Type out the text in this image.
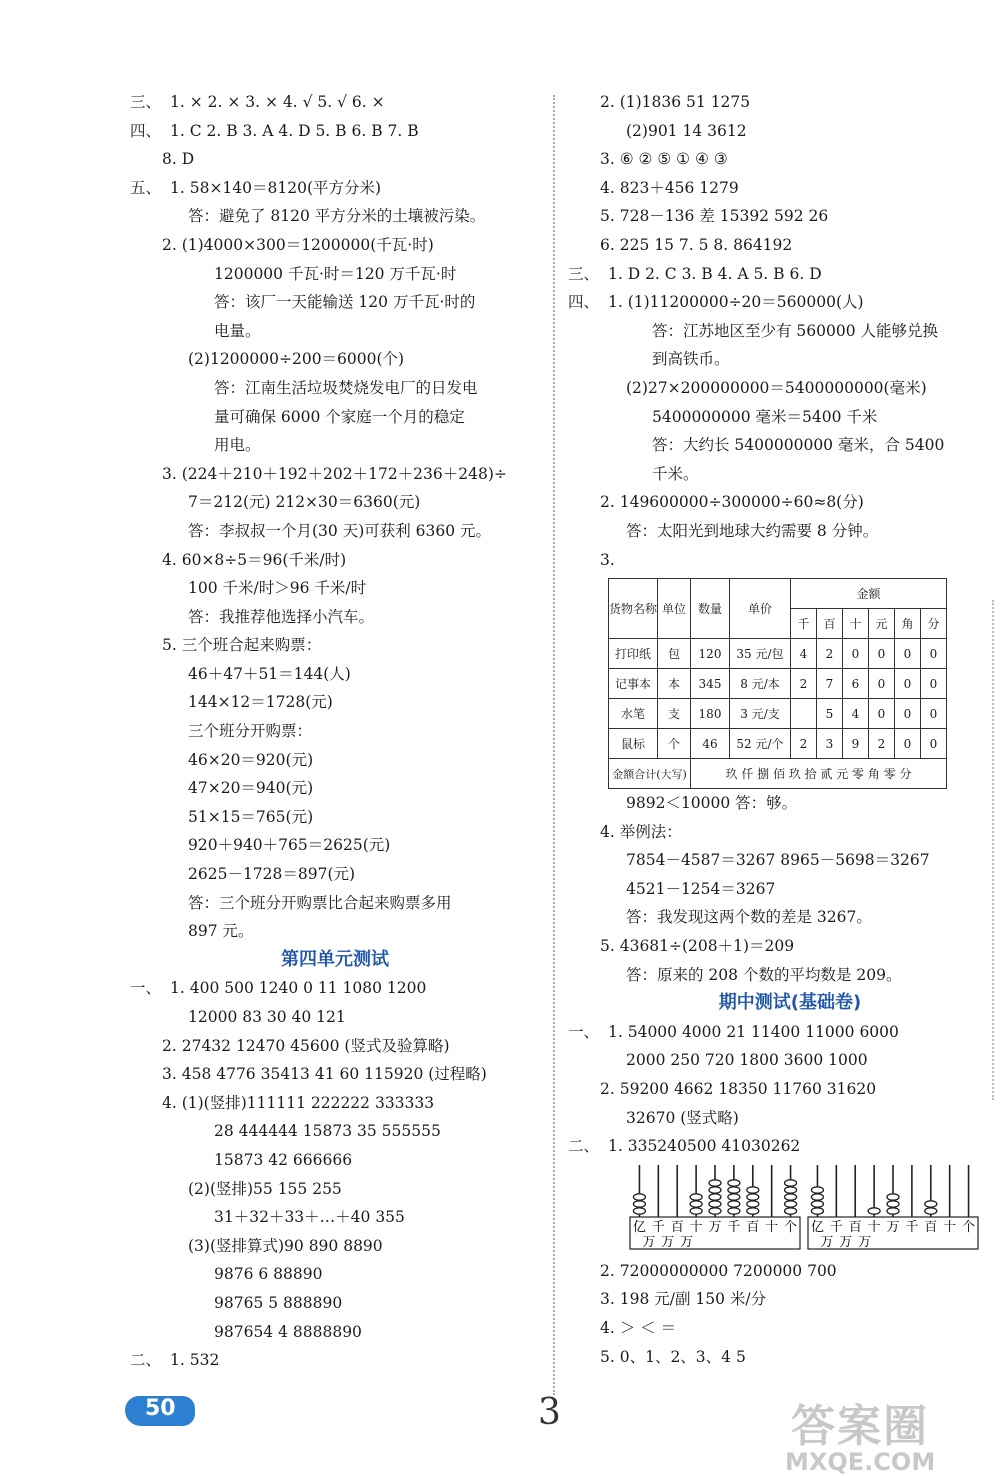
三、 1. × 2. × 3. × 4. √ 5. √ 6. ×
四、 1. C 2. B 3. A 4. D 5. B 6. B 7. B
8. D
五、 1. 58×140＝8120(平方分米)
答：避免了 8120 平方分米的土壤被污染。
2. (1)4000×300＝1200000(千瓦·时)
1200000 千瓦·时＝120 万千瓦·时
答：该厂一天能输送 120 万千瓦·时的
电量。
(2)1200000÷200＝6000(个)
答：江南生活垃圾焚烧发电厂的日发电
量可确保 6000 个家庭一个月的稳定
用电。
3. (224＋210＋192＋202＋172＋236＋248)÷
7＝212(元) 212×30＝6360(元)
答：李叔叔一个月(30 天)可获利 6360 元。
4. 60×8÷5＝96(千米/时)
100 千米/时＞96 千米/时
答：我推荐他选择小汽车。
5. 三个班合起来购票：
46＋47＋51＝144(人)
144×12＝1728(元)
三个班分开购票：
46×20＝920(元)
47×20＝940(元)
51×15＝765(元)
920＋940＋765＝2625(元)
2625－1728＝897(元)
答：三个班分开购票比合起来购票多用
897 元。
第四单元测试
一、 1. 400 500 1240 0 11 1080 1200
12000 83 30 40 121
2. 27432 12470 45600 (竖式及验算略)
3. 458 4776 35413 41 60 115920 (过程略)
4. (1)(竖排)111111 222222 333333
28 444444 15873 35 555555
15873 42 666666
(2)(竖排)55 155 255
31＋32＋33＋…＋40 355
(3)(竖排算式)90 890 8890
9876 6 88890
98765 5 888890
987654 4 8888890
二、 1. 532
2. (1)1836 51 1275
(2)901 14 3612
3. ⑥ ② ⑤ ① ④ ③
4. 823＋456 1279
5. 728－136 差 15392 592 26
6. 225 15 7. 5 8. 864192
三、 1. D 2. C 3. B 4. A 5. B 6. D
四、 1. (1)11200000÷20＝560000(人)
答：江苏地区至少有 560000 人能够兑换
到高铁币。
(2)27×200000000＝5400000000(毫米)
5400000000 毫米＝5400 千米
答：大约长 5400000000 毫米，合 5400
千米。
2. 149600000÷300000÷60≈8(分)
答：太阳光到地球大约需要 8 分钟。
3.
货物名称	单位	数量	单价	金额					
				千	百	十	元	角	分
打印纸	包	120	35 元/包	4	2	0	0	0	0
记事本	本	345	8 元/本	2	7	6	0	0	0
水笔	支	180	3 元/支		5	4	0	0	0
鼠标	个	46	52 元/个	2	3	9	2	0	0
金额合计(大写)		玖 仟 捌 佰 玖 拾 贰 元 零 角 零 分							
9892＜10000 答：够。
4. 举例法：
7854－4587＝3267 8965－5698＝3267
4521－1254＝3267
答：我发现这两个数的差是 3267。
5. 43681÷(208＋1)＝209
答：原来的 208 个数的平均数是 209。
期中测试(基础卷)
一、 1. 54000 4000 21 11400 11000 6000
2000 250 720 1800 3600 1000
2. 59200 4662 18350 11760 31620
32670 (竖式略)
二、 1. 335240500 41030262
亿 千 百 十 万 千 百 十 个
万 万 万
亿 千 百 十 万 千 百 十 个
万 万 万
2. 72000000000 7200000 700
3. 198 元/副 150 米/分
4. ＞ ＜ ＝
5. 0、1、2、3、4 5
50	3	答案圈
MXQE.COM
